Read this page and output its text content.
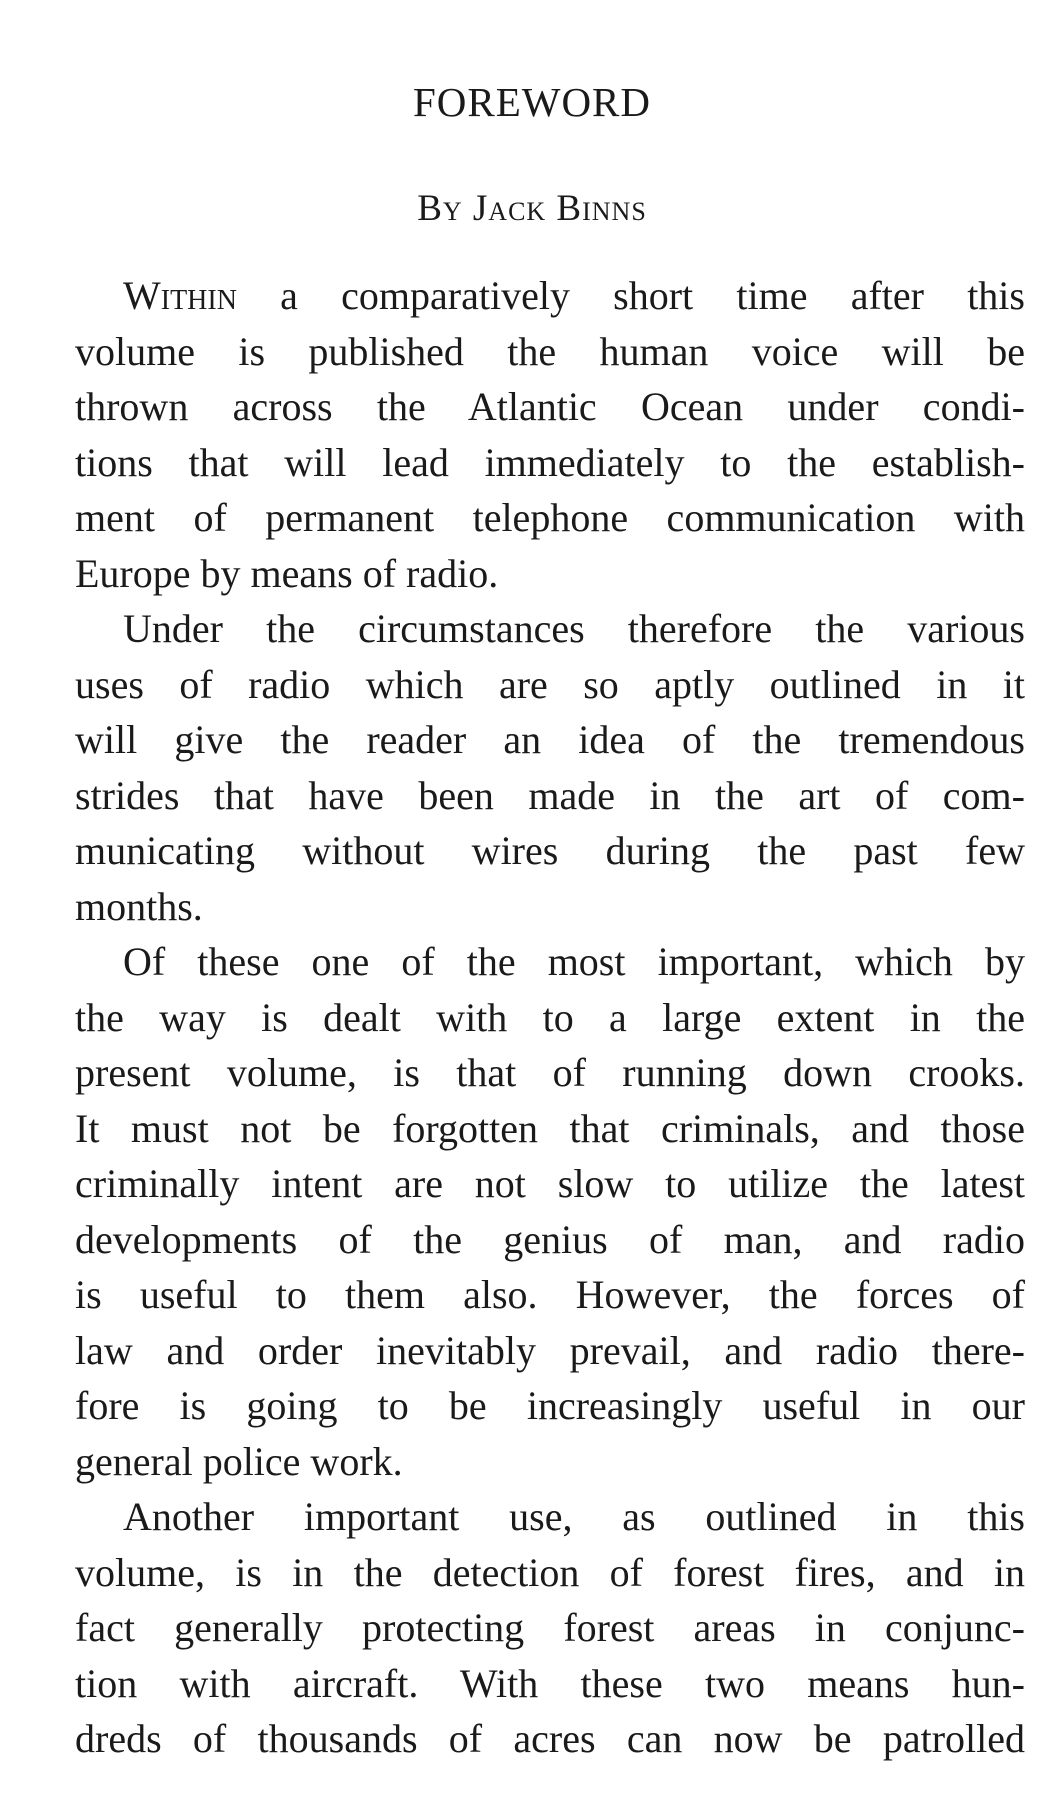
FOREWORD
By Jack Binns
Within a comparatively short time after this
volume is published the human voice will be
thrown across the Atlantic Ocean under condi-
tions that will lead immediately to the establish-
ment of permanent telephone communication with
Europe by means of radio.
Under the circumstances therefore the various
uses of radio which are so aptly outlined in it
will give the reader an idea of the tremendous
strides that have been made in the art of com-
municating without wires during the past few
months.
Of these one of the most important, which by
the way is dealt with to a large extent in the
present volume, is that of running down crooks.
It must not be forgotten that criminals, and those
criminally intent are not slow to utilize the latest
developments of the genius of man, and radio
is useful to them also. However, the forces of
law and order inevitably prevail, and radio there-
fore is going to be increasingly useful in our
general police work.
Another important use, as outlined in this
volume, is in the detection of forest fires, and in
fact generally protecting forest areas in conjunc-
tion with aircraft. With these two means hun-
dreds of thousands of acres can now be patrolled
